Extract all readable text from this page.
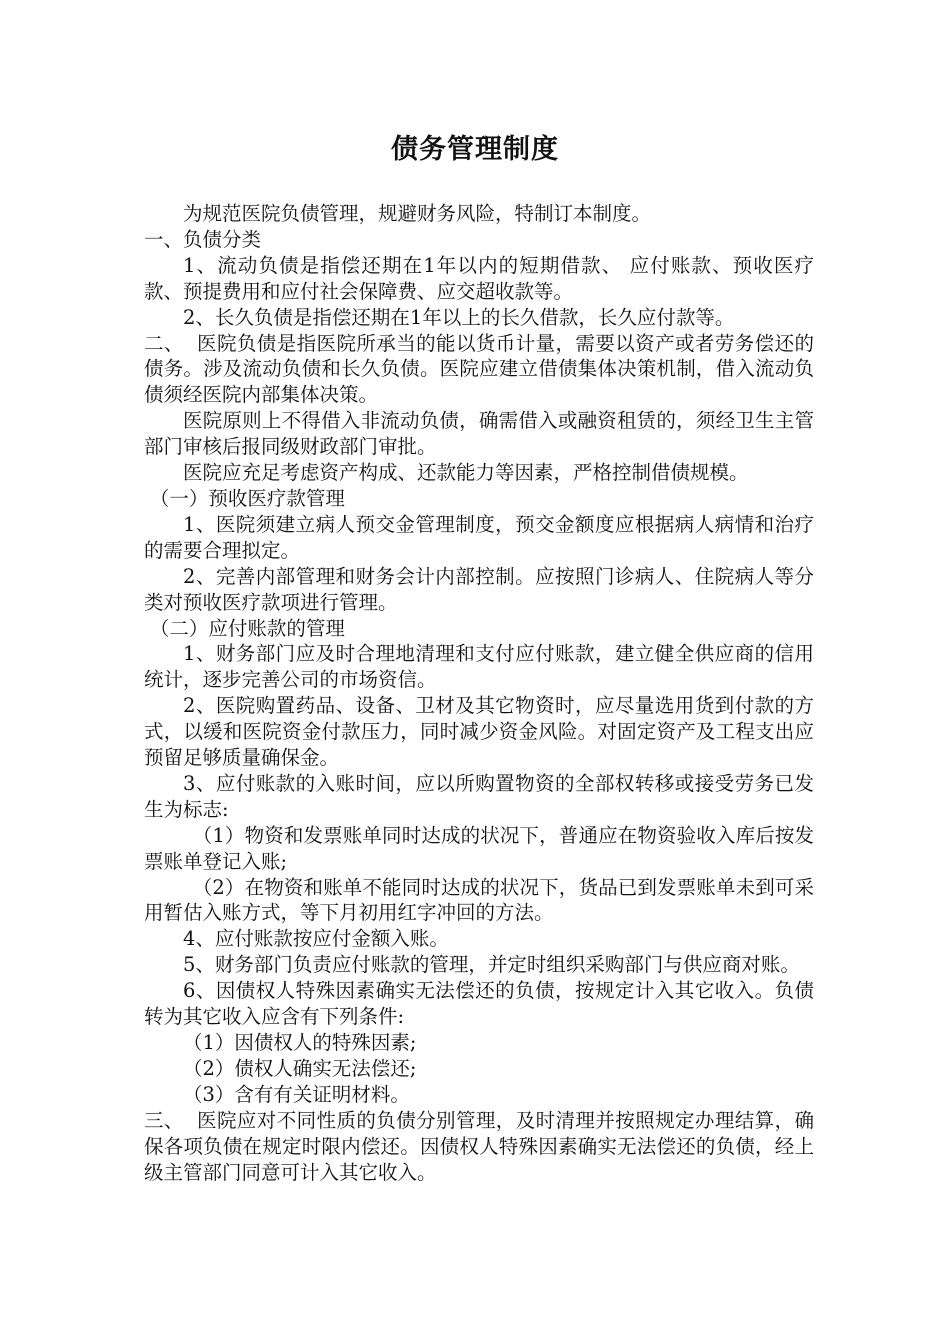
债务管理制度

为规范医院负债管理，规避财务风险，特制订本制度。

一、负债分类

1、流动负债是指偿还期在1年以内的短期借款、 应付账款、预收医疗款、预提费用和应付社会保障费、应交超收款等。

2、长久负债是指偿还期在1年以上的长久借款，长久应付款等。

二、  医院负债是指医院所承当的能以货币计量，需要以资产或者劳务偿还的债务。涉及流动负债和长久负债。医院应建立借债集体决策机制，借入流动负债须经医院内部集体决策。

医院原则上不得借入非流动负债，确需借入或融资租赁的，须经卫生主管部门审核后报同级财政部门审批。

医院应充足考虑资产构成、还款能力等因素，严格控制借债规模。

（一）预收医疗款管理

1、医院须建立病人预交金管理制度，预交金额度应根据病人病情和治疗的需要合理拟定。

2、完善内部管理和财务会计内部控制。应按照门诊病人、住院病人等分类对预收医疗款项进行管理。

（二）应付账款的管理

1、财务部门应及时合理地清理和支付应付账款，建立健全供应商的信用统计，逐步完善公司的市场资信。

2、医院购置药品、设备、卫材及其它物资时，应尽量选用货到付款的方式，以缓和医院资金付款压力，同时减少资金风险。对固定资产及工程支出应预留足够质量确保金。

3、应付账款的入账时间，应以所购置物资的全部权转移或接受劳务已发生为标志:

（1）物资和发票账单同时达成的状况下，普通应在物资验收入库后按发票账单登记入账;

（2）在物资和账单不能同时达成的状况下，货品已到发票账单未到可采用暂估入账方式，等下月初用红字冲回的方法。

4、应付账款按应付金额入账。

5、财务部门负责应付账款的管理，并定时组织采购部门与供应商对账。

6、因债权人特殊因素确实无法偿还的负债，按规定计入其它收入。负债转为其它收入应含有下列条件:

（1）因债权人的特殊因素;

（2）债权人确实无法偿还;

（3）含有有关证明材料。

三、  医院应对不同性质的负债分别管理，及时清理并按照规定办理结算，确保各项负债在规定时限内偿还。因债权人特殊因素确实无法偿还的负债，经上级主管部门同意可计入其它收入。
